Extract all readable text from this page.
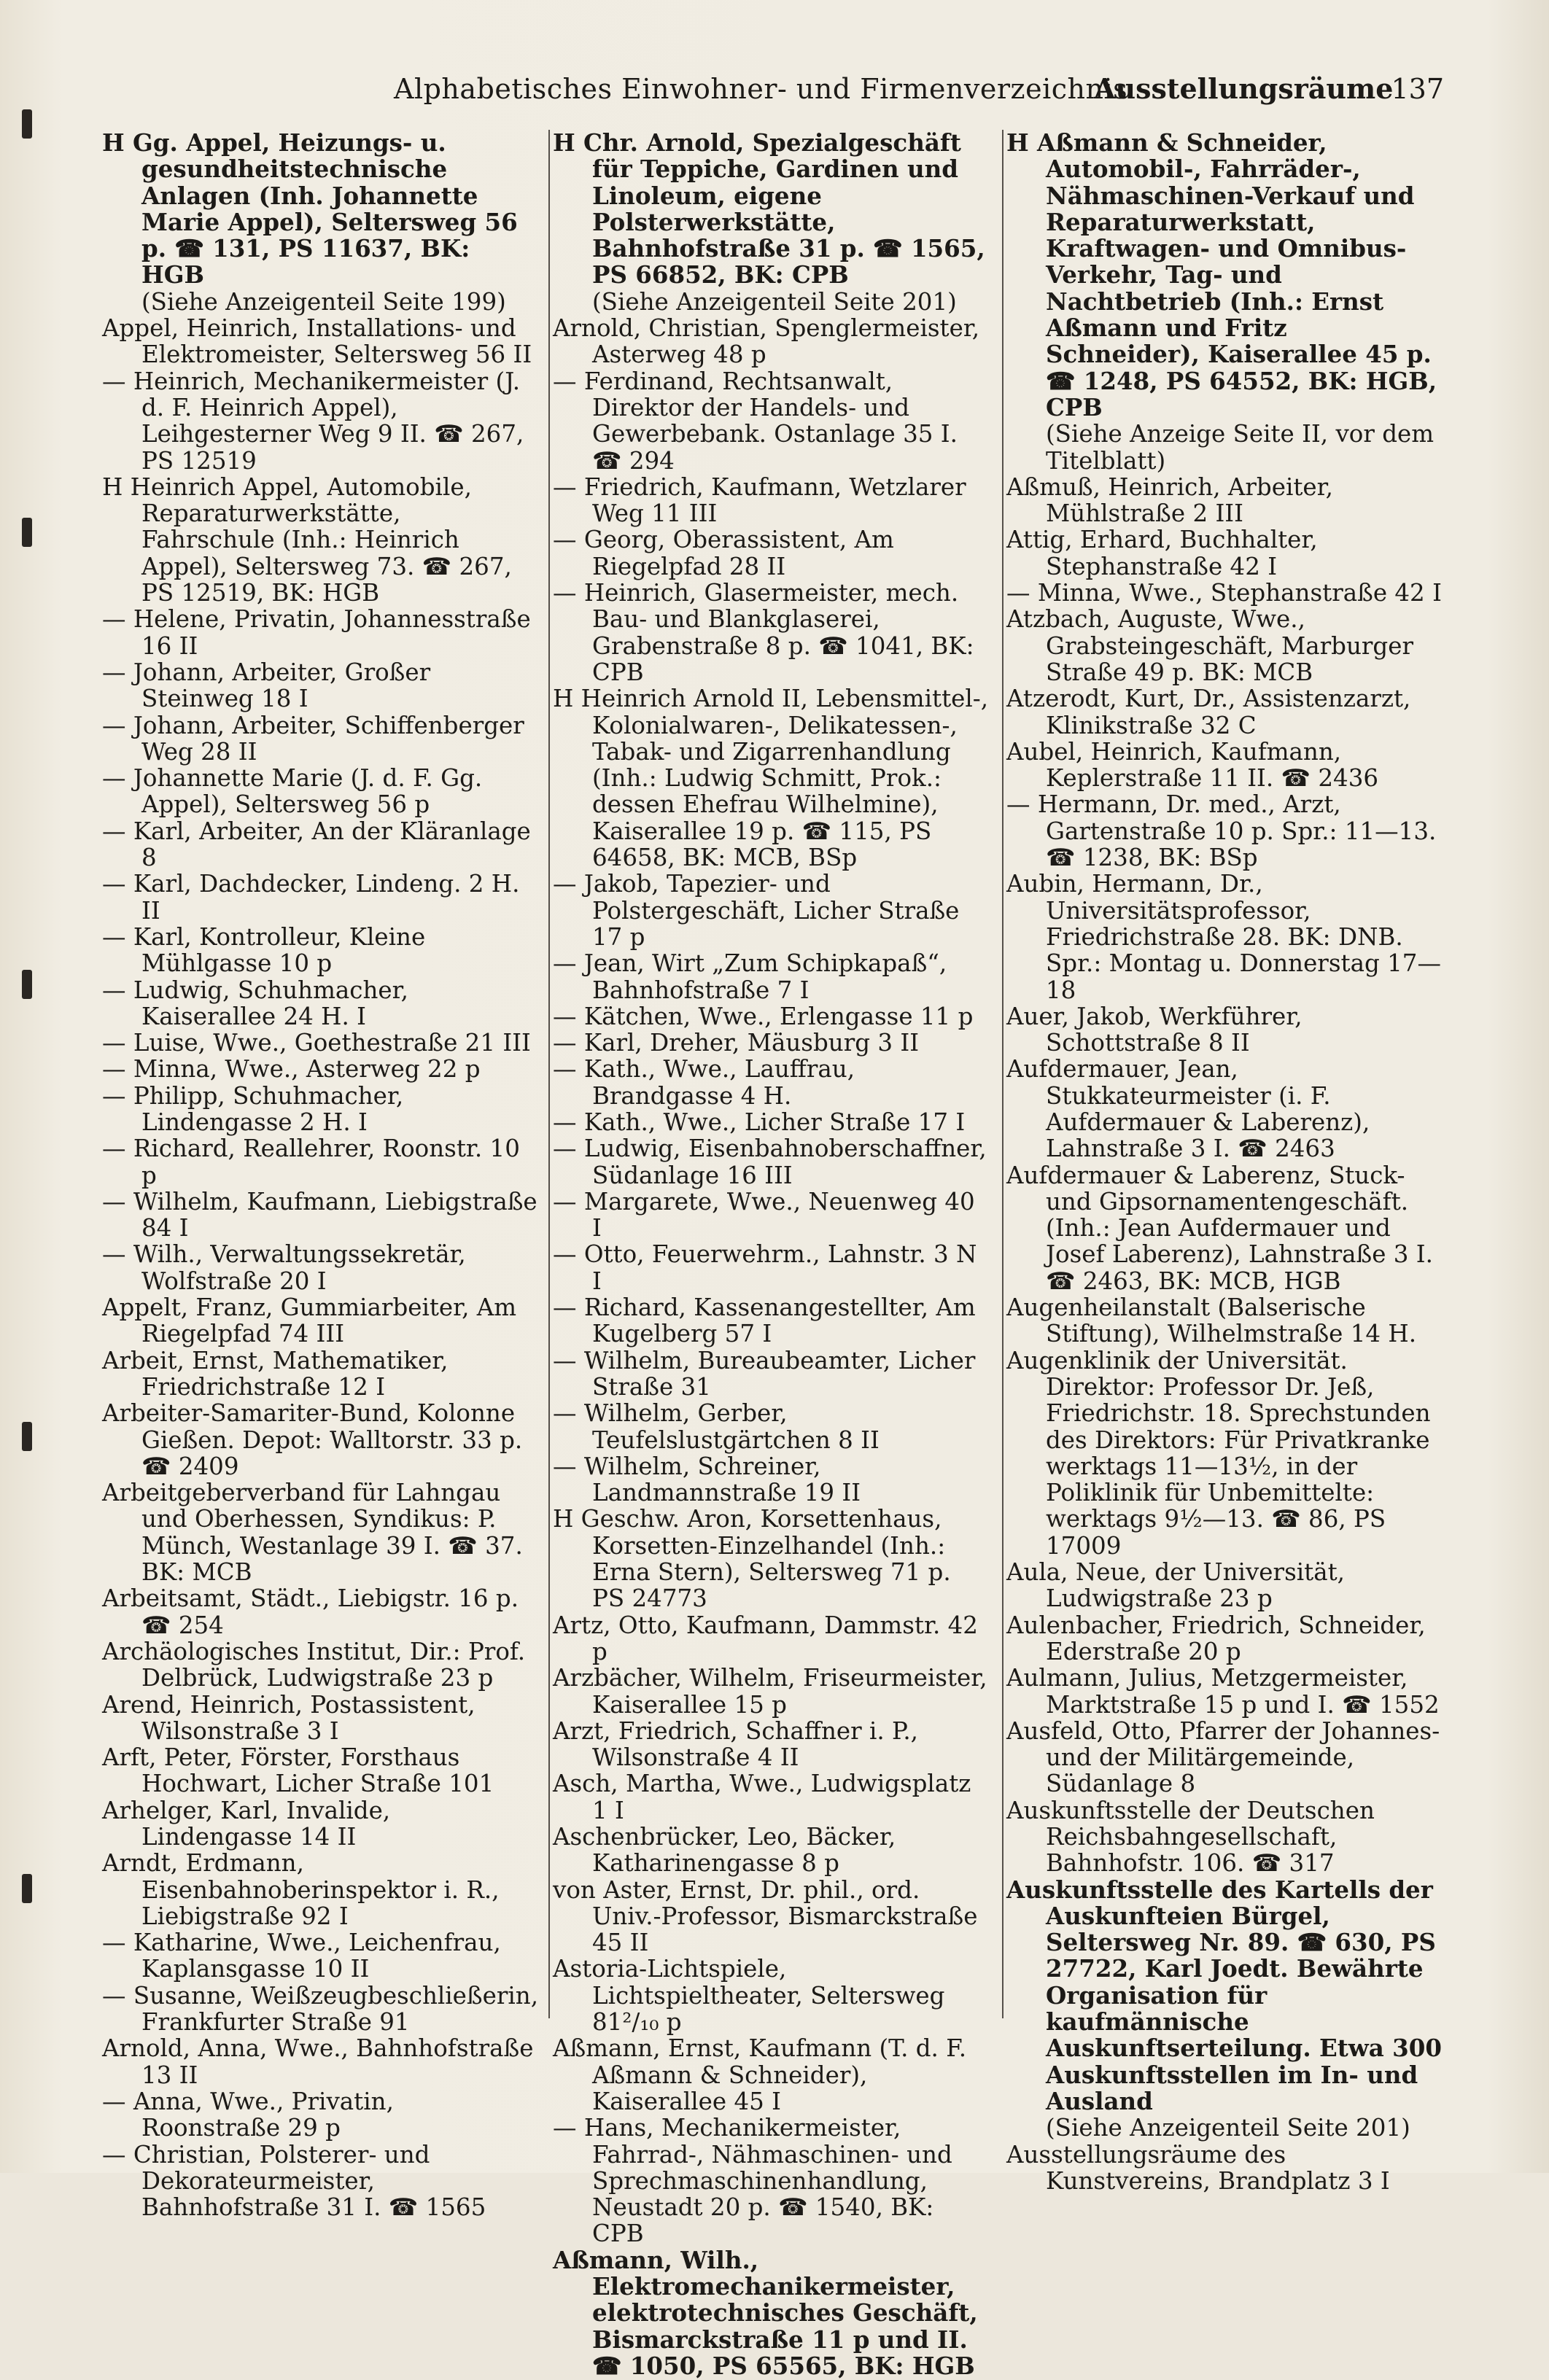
Alphabetisches Einwohner- und Firmenverzeichnis
Ausstellungsräume
137

H Gg. Appel, Heizungs- u. gesundheitstechnische Anlagen (Inh. Johannette Marie Appel), Seltersweg 56 p. ☎ 131, PS 11637, BK: HGB

(Siehe Anzeigenteil Seite 199)

Appel, Heinrich, Installations- und Elektromeister, Seltersweg 56 II

— Heinrich, Mechanikermeister (J. d. F. Heinrich Appel), Leihgesterner Weg 9 II. ☎ 267, PS 12519

H Heinrich Appel, Automobile, Reparaturwerkstätte, Fahrschule (Inh.: Heinrich Appel), Seltersweg 73. ☎ 267, PS 12519, BK: HGB

— Helene, Privatin, Johannesstraße 16 II

— Johann, Arbeiter, Großer Steinweg 18 I

— Johann, Arbeiter, Schiffenberger Weg 28 II

— Johannette Marie (J. d. F. Gg. Appel), Seltersweg 56 p

— Karl, Arbeiter, An der Kläranlage 8

— Karl, Dachdecker, Lindeng. 2 H. II

— Karl, Kontrolleur, Kleine Mühlgasse 10 p

— Ludwig, Schuhmacher, Kaiserallee 24 H. I

— Luise, Wwe., Goethestraße 21 III

— Minna, Wwe., Asterweg 22 p

— Philipp, Schuhmacher, Lindengasse 2 H. I

— Richard, Reallehrer, Roonstr. 10 p

— Wilhelm, Kaufmann, Liebigstraße 84 I

— Wilh., Verwaltungssekretär, Wolfstraße 20 I

Appelt, Franz, Gummiarbeiter, Am Riegelpfad 74 III

Arbeit, Ernst, Mathematiker, Friedrichstraße 12 I

Arbeiter-Samariter-Bund, Kolonne Gießen. Depot: Walltorstr. 33 p. ☎ 2409

Arbeitgeberverband für Lahngau und Oberhessen, Syndikus: P. Münch, Westanlage 39 I. ☎ 37. BK: MCB

Arbeitsamt, Städt., Liebigstr. 16 p. ☎ 254

Archäologisches Institut, Dir.: Prof. Delbrück, Ludwigstraße 23 p

Arend, Heinrich, Postassistent, Wilsonstraße 3 I

Arft, Peter, Förster, Forsthaus Hochwart, Licher Straße 101

Arhelger, Karl, Invalide, Lindengasse 14 II

Arndt, Erdmann, Eisenbahnoberinspektor i. R., Liebigstraße 92 I

— Katharine, Wwe., Leichenfrau, Kaplansgasse 10 II

— Susanne, Weißzeugbeschließerin, Frankfurter Straße 91

Arnold, Anna, Wwe., Bahnhofstraße 13 II

— Anna, Wwe., Privatin, Roonstraße 29 p

— Christian, Polsterer- und Dekorateurmeister, Bahnhofstraße 31 I. ☎ 1565

H Chr. Arnold, Spezialgeschäft für Teppiche, Gardinen und Linoleum, eigene Polsterwerkstätte, Bahnhofstraße 31 p. ☎ 1565, PS 66852, BK: CPB

(Siehe Anzeigenteil Seite 201)

Arnold, Christian, Spenglermeister, Asterweg 48 p

— Ferdinand, Rechtsanwalt, Direktor der Handels- und Gewerbebank. Ostanlage 35 I. ☎ 294

— Friedrich, Kaufmann, Wetzlarer Weg 11 III

— Georg, Oberassistent, Am Riegelpfad 28 II

— Heinrich, Glasermeister, mech. Bau- und Blankglaserei, Grabenstraße 8 p. ☎ 1041, BK: CPB

H Heinrich Arnold II, Lebensmittel-, Kolonialwaren-, Delikatessen-, Tabak- und Zigarrenhandlung (Inh.: Ludwig Schmitt, Prok.: dessen Ehefrau Wilhelmine), Kaiserallee 19 p. ☎ 115, PS 64658, BK: MCB, BSp

— Jakob, Tapezier- und Polstergeschäft, Licher Straße 17 p

— Jean, Wirt „Zum Schipkapaß“, Bahnhofstraße 7 I

— Kätchen, Wwe., Erlengasse 11 p

— Karl, Dreher, Mäusburg 3 II

— Kath., Wwe., Lauffrau, Brandgasse 4 H.

— Kath., Wwe., Licher Straße 17 I

— Ludwig, Eisenbahnoberschaffner, Südanlage 16 III

— Margarete, Wwe., Neuenweg 40 I

— Otto, Feuerwehrm., Lahnstr. 3 N I

— Richard, Kassenangestellter, Am Kugelberg 57 I

— Wilhelm, Bureaubeamter, Licher Straße 31

— Wilhelm, Gerber, Teufelslustgärtchen 8 II

— Wilhelm, Schreiner, Landmannstraße 19 II

H Geschw. Aron, Korsettenhaus, Korsetten-Einzelhandel (Inh.: Erna Stern), Seltersweg 71 p. PS 24773

Artz, Otto, Kaufmann, Dammstr. 42 p

Arzbächer, Wilhelm, Friseurmeister, Kaiserallee 15 p

Arzt, Friedrich, Schaffner i. P., Wilsonstraße 4 II

Asch, Martha, Wwe., Ludwigsplatz 1 I

Aschenbrücker, Leo, Bäcker, Katharinengasse 8 p

von Aster, Ernst, Dr. phil., ord. Univ.-Professor, Bismarckstraße 45 II

Astoria-Lichtspiele, Lichtspieltheater, Seltersweg 81²/₁₀ p

Aßmann, Ernst, Kaufmann (T. d. F. Aßmann & Schneider), Kaiserallee 45 I

— Hans, Mechanikermeister, Fahrrad-, Nähmaschinen- und Sprechmaschinenhandlung, Neustadt 20 p. ☎ 1540, BK: CPB

Aßmann, Wilh., Elektromechanikermeister, elektrotechnisches Geschäft, Bismarckstraße 11 p und II. ☎ 1050, PS 65565, BK: HGB

H Aßmann & Schneider, Automobil-, Fahrräder-, Nähmaschinen-Verkauf und Reparaturwerkstatt, Kraftwagen- und Omnibus-Verkehr, Tag- und Nachtbetrieb (Inh.: Ernst Aßmann und Fritz Schneider), Kaiserallee 45 p. ☎ 1248, PS 64552, BK: HGB, CPB

(Siehe Anzeige Seite II, vor dem Titelblatt)

Aßmuß, Heinrich, Arbeiter, Mühlstraße 2 III

Attig, Erhard, Buchhalter, Stephanstraße 42 I

— Minna, Wwe., Stephanstraße 42 I

Atzbach, Auguste, Wwe., Grabsteingeschäft, Marburger Straße 49 p. BK: MCB

Atzerodt, Kurt, Dr., Assistenzarzt, Klinikstraße 32 C

Aubel, Heinrich, Kaufmann, Keplerstraße 11 II. ☎ 2436

— Hermann, Dr. med., Arzt, Gartenstraße 10 p. Spr.: 11—13. ☎ 1238, BK: BSp

Aubin, Hermann, Dr., Universitätsprofessor, Friedrichstraße 28. BK: DNB. Spr.: Montag u. Donnerstag 17—18

Auer, Jakob, Werkführer, Schottstraße 8 II

Aufdermauer, Jean, Stukkateurmeister (i. F. Aufdermauer & Laberenz), Lahnstraße 3 I. ☎ 2463

Aufdermauer & Laberenz, Stuck- und Gipsornamentengeschäft. (Inh.: Jean Aufdermauer und Josef Laberenz), Lahnstraße 3 I. ☎ 2463, BK: MCB, HGB

Augenheilanstalt (Balserische Stiftung), Wilhelmstraße 14 H.

Augenklinik der Universität. Direktor: Professor Dr. Jeß, Friedrichstr. 18. Sprechstunden des Direktors: Für Privatkranke werktags 11—13½, in der Poliklinik für Unbemittelte: werktags 9½—13. ☎ 86, PS 17009

Aula, Neue, der Universität, Ludwigstraße 23 p

Aulenbacher, Friedrich, Schneider, Ederstraße 20 p

Aulmann, Julius, Metzgermeister, Marktstraße 15 p und I. ☎ 1552

Ausfeld, Otto, Pfarrer der Johannes- und der Militärgemeinde, Südanlage 8

Auskunftsstelle der Deutschen Reichsbahngesellschaft, Bahnhofstr. 106. ☎ 317

Auskunftsstelle des Kartells der Auskunfteien Bürgel, Seltersweg Nr. 89. ☎ 630, PS 27722, Karl Joedt. Bewährte Organisation für kaufmännische Auskunftserteilung. Etwa 300 Auskunftsstellen im In- und Ausland

(Siehe Anzeigenteil Seite 201)

Ausstellungsräume des Kunstvereins, Brandplatz 3 I
